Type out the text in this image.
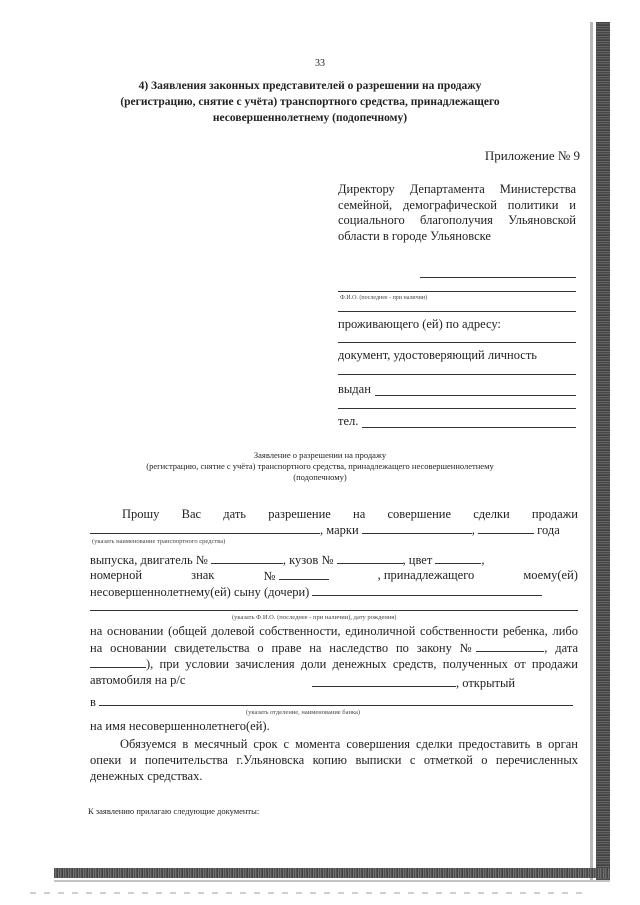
33
4) Заявления законных представителей о разрешении на продажу
(регистрацию, снятие с учёта) транспортного средства, принадлежащего
несовершеннолетнему (подопечному)
Приложение № 9
Директору Департамента Министерства семейной, демографической политики и социального благополучия Ульяновской области в городе Ульяновске
Ф.И.О. (последнее - при наличии)
проживающего (ей) по адресу:
документ, удостоверяющий личность
выдан
тел.
Заявление о разрешении на продажу
(регистрацию, снятие с учёта) транспортного средства, принадлежащего несовершеннолетнему
(подопечному)
Прошу Вас дать разрешение на совершение сделки продажи
, марки	,	года
(указать наименование транспортного средства)
выпуска, двигатель №	, кузов №	, цвет	,
номерной	знак	№	, принадлежащего	моему(ей)
несовершеннолетнему(ей) сыну (дочери)
(указать Ф.И.О. (последнее - при наличии), дату рождения)
на основании (общей долевой собственности, единоличной собственности ребенка, либо на основании свидетельства о праве на наследство по закону №	, дата ), при условии зачисления доли денежных средств, полученных от продажи автомобиля на р/с	, открытый
в
(указать отделение, наименование банка)
на имя несовершеннолетнего(ей).
Обязуемся в месячный срок с момента совершения сделки предоставить в орган опеки и попечительства г.Ульяновска копию выписки с отметкой о перечисленных денежных средствах.
К заявлению прилагаю следующие документы:
